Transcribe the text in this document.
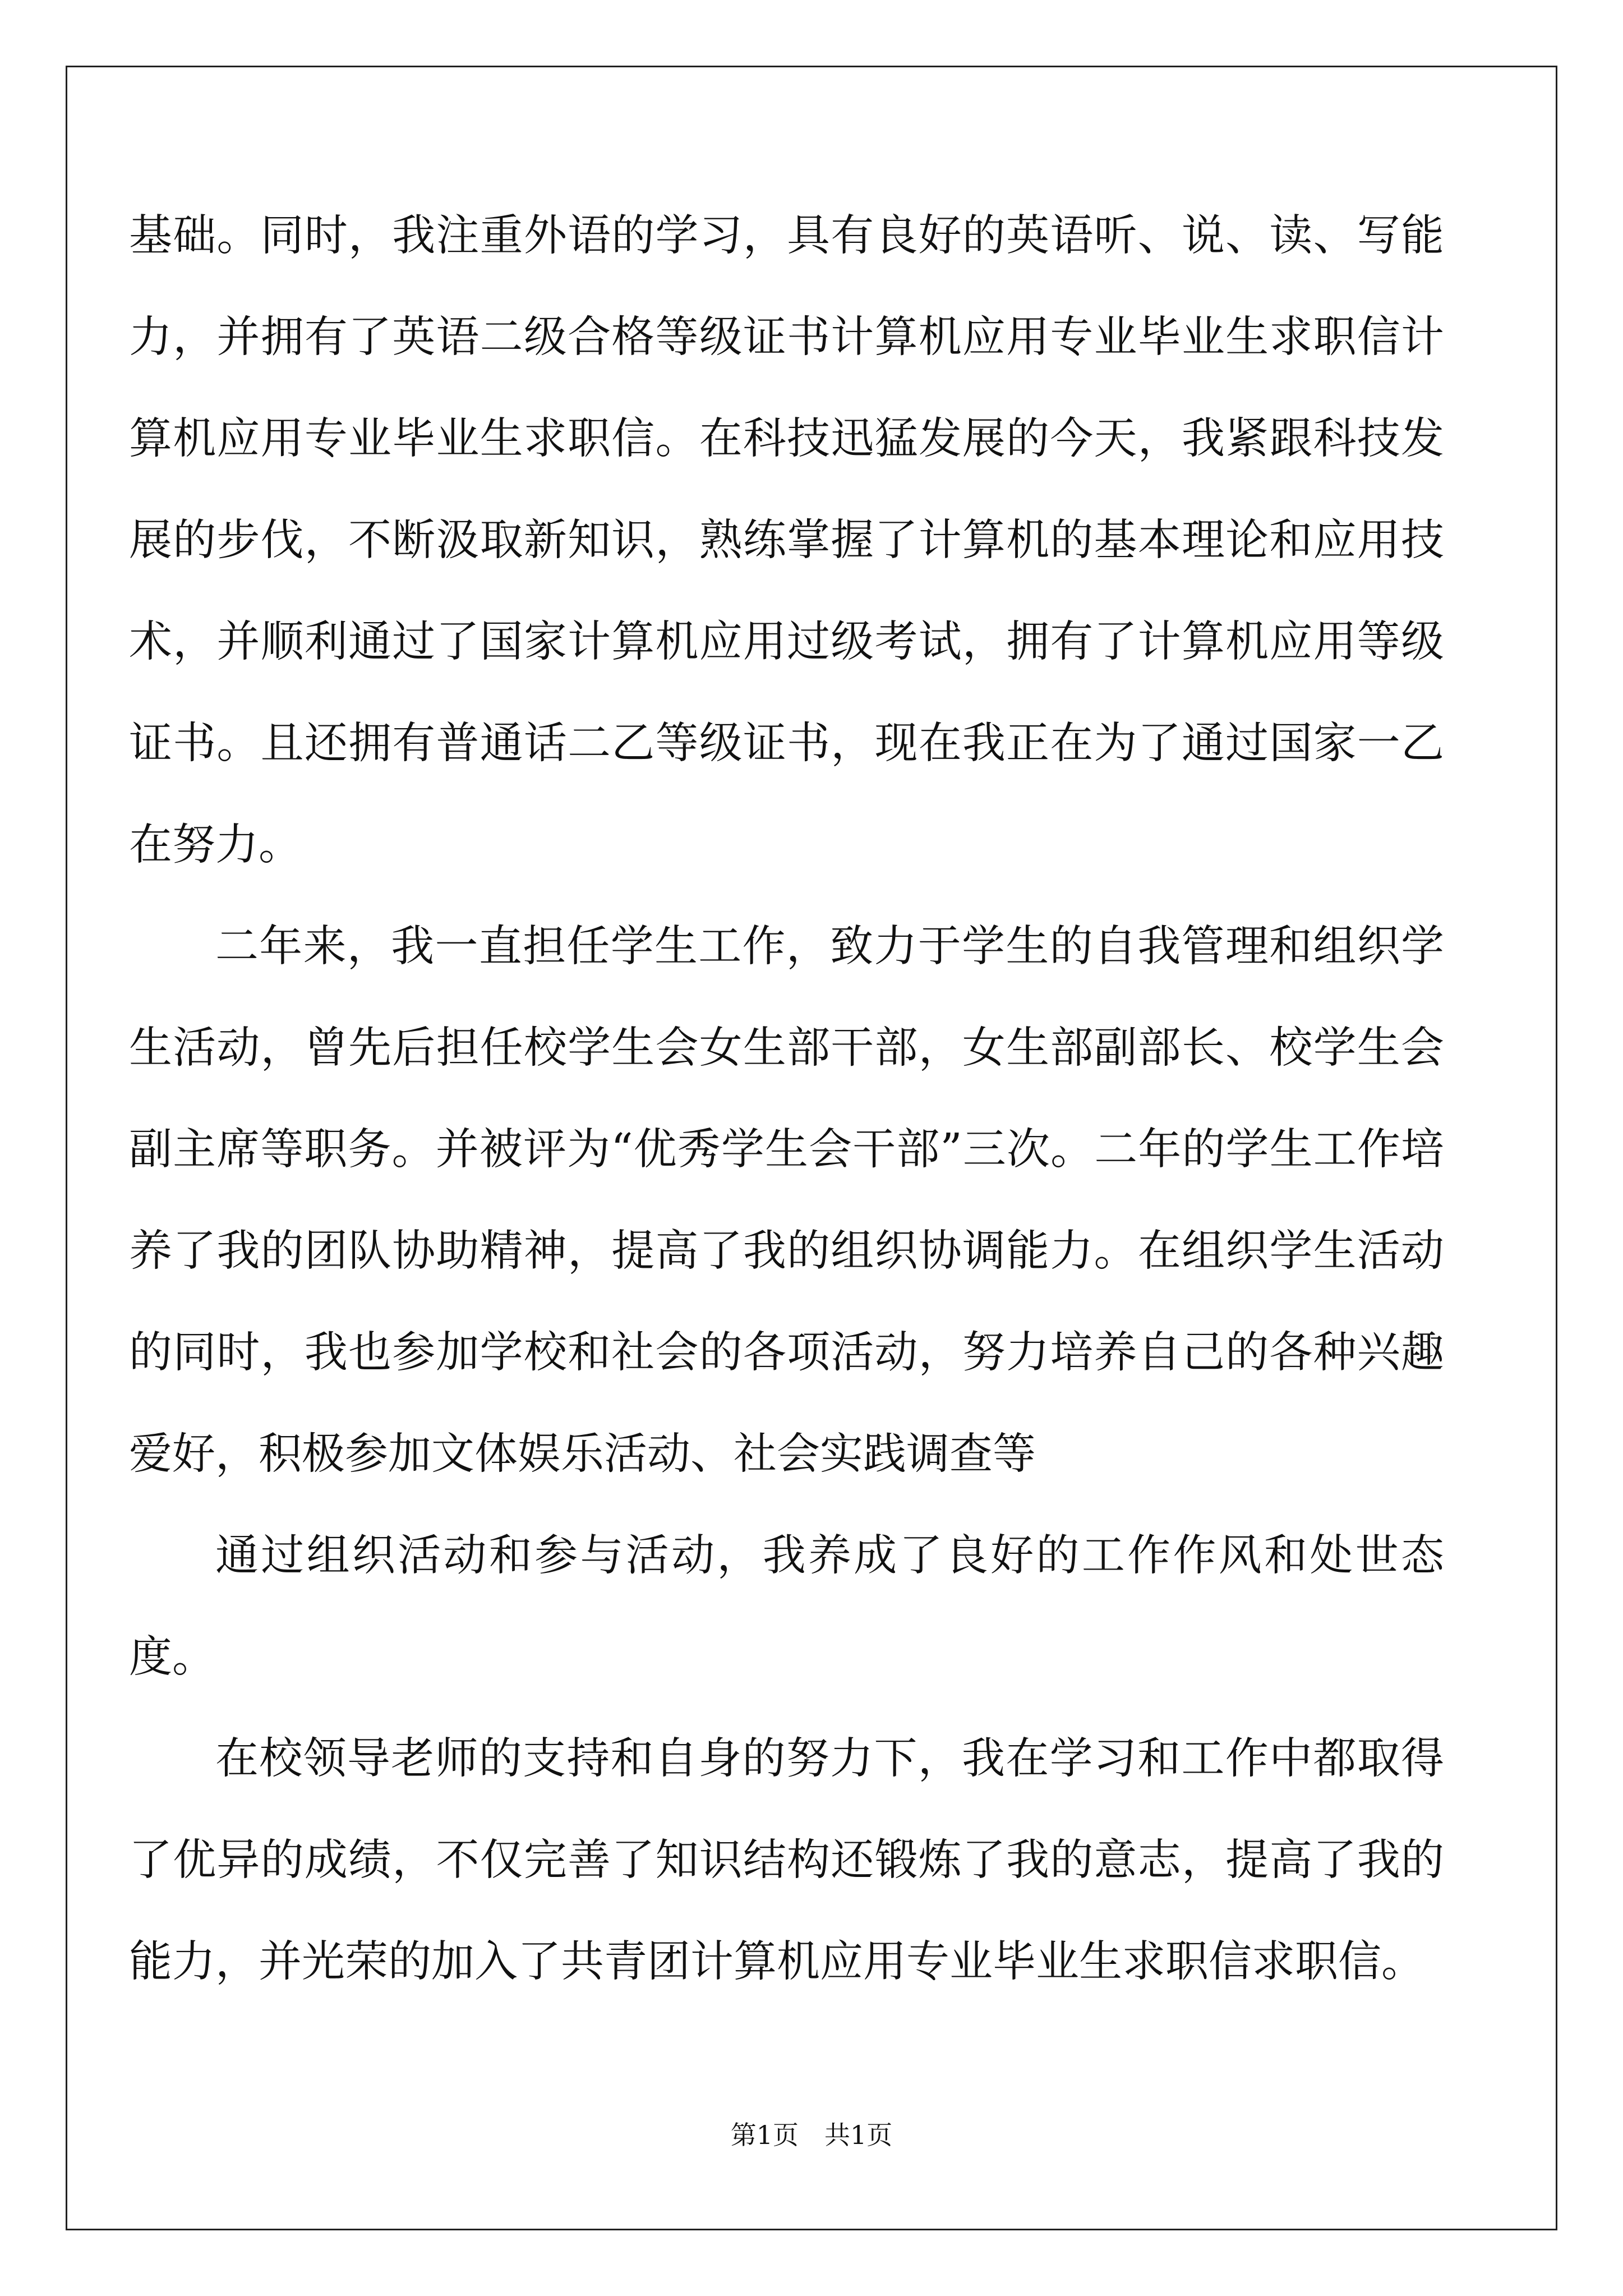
基础。同时，我注重外语的学习，具有良好的英语听、说、读、写能力，并拥有了英语二级合格等级证书计算机应用专业毕业生求职信计算机应用专业毕业生求职信。在科技迅猛发展的今天，我紧跟科技发展的步伐，不断汲取新知识，熟练掌握了计算机的基本理论和应用技术，并顺利通过了国家计算机应用过级考试，拥有了计算机应用等级证书。且还拥有普通话二乙等级证书，现在我正在为了通过国家一乙在努力。

二年来，我一直担任学生工作，致力于学生的自我管理和组织学生活动，曾先后担任校学生会女生部干部，女生部副部长、校学生会副主席等职务。并被评为“优秀学生会干部”三次。二年的学生工作培养了我的团队协助精神，提高了我的组织协调能力。在组织学生活动的同时，我也参加学校和社会的各项活动，努力培养自己的各种兴趣爱好，积极参加文体娱乐活动、社会实践调查等

通过组织活动和参与活动，我养成了良好的工作作风和处世态度。

在校领导老师的支持和自身的努力下，我在学习和工作中都取得了优异的成绩，不仅完善了知识结构还锻炼了我的意志，提高了我的能力，并光荣的加入了共青团计算机应用专业毕业生求职信求职信。

第1页　共1页
